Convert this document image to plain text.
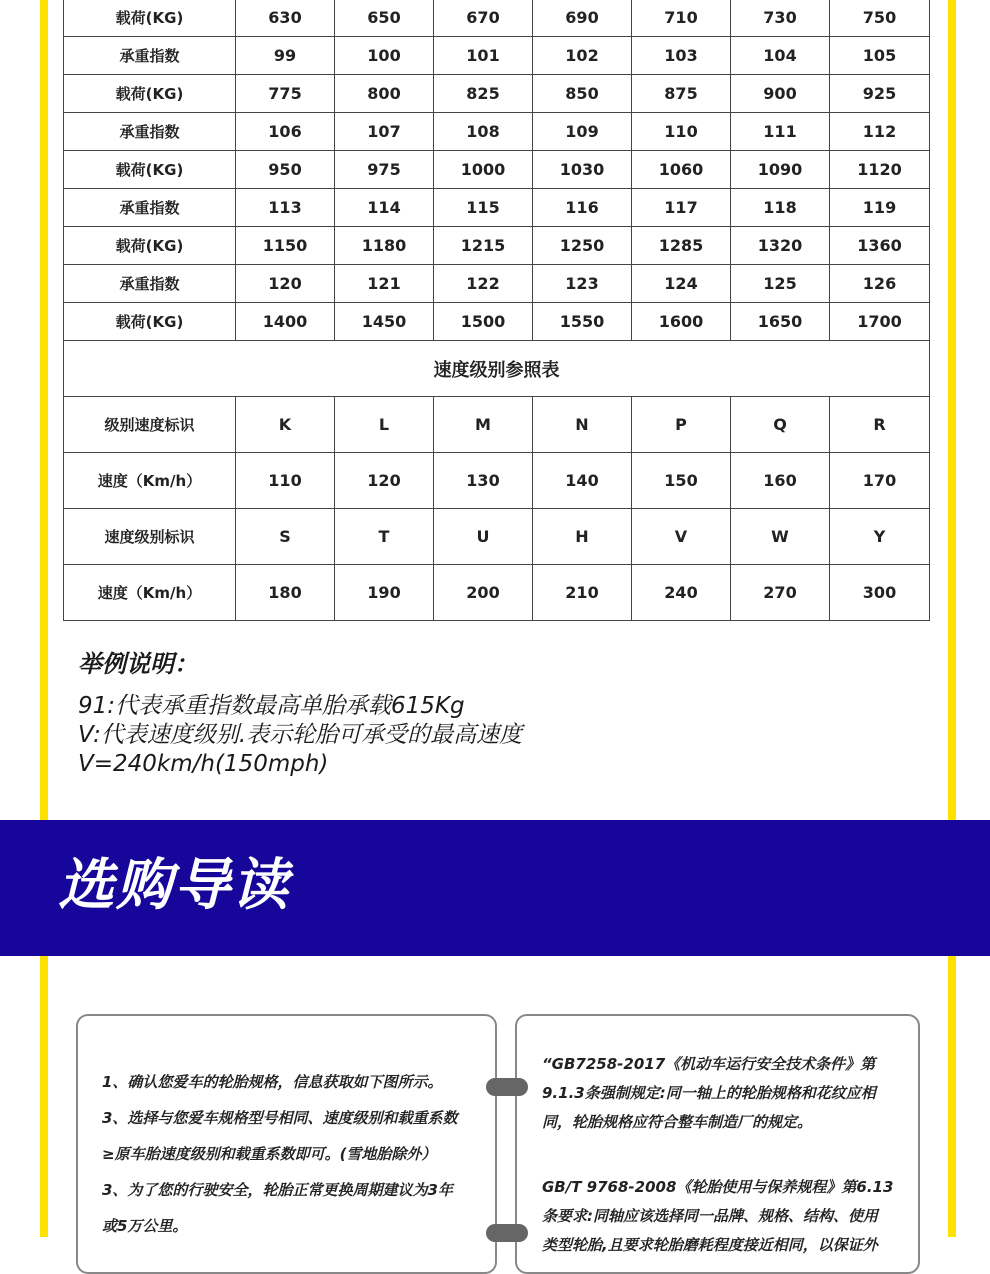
载荷(KG)	630	650	670	690	710	730	750
承重指数	99	100	101	102	103	104	105
载荷(KG)	775	800	825	850	875	900	925
承重指数	106	107	108	109	110	111	112
载荷(KG)	950	975	1000	1030	1060	1090	1120
承重指数	113	114	115	116	117	118	119
载荷(KG)	1150	1180	1215	1250	1285	1320	1360
承重指数	120	121	122	123	124	125	126
载荷(KG)	1400	1450	1500	1550	1600	1650	1700
速度级别参照表							
级别速度标识	K	L	M	N	P	Q	R
速度（Km/h）	110	120	130	140	150	160	170
速度级别标识	S	T	U	H	V	W	Y
速度（Km/h）	180	190	200	210	240	270	300

举例说明：

91:代表承重指数最高单胎承载615Kg

V:代表速度级别.表示轮胎可承受的最高速度

V=240km/h(150mph)

选购导读

1、确认您爱车的轮胎规格，信息获取如下图所示。

3、选择与您爱车规格型号相同、速度级别和载重系数

≥原车胎速度级别和载重系数即可。(雪地胎除外）

3、为了您的行驶安全，轮胎正常更换周期建议为3年

或5万公里。

“GB7258-2017《机动车运行安全技术条件》第

9.1.3条强制规定:同一轴上的轮胎规格和花纹应相

同，轮胎规格应符合整车制造厂的规定。

GB/T 9768-2008《轮胎使用与保养规程》第6.13

条要求:同轴应该选择同一品牌、规格、结构、使用

类型轮胎,且要求轮胎磨耗程度接近相同，以保证外
